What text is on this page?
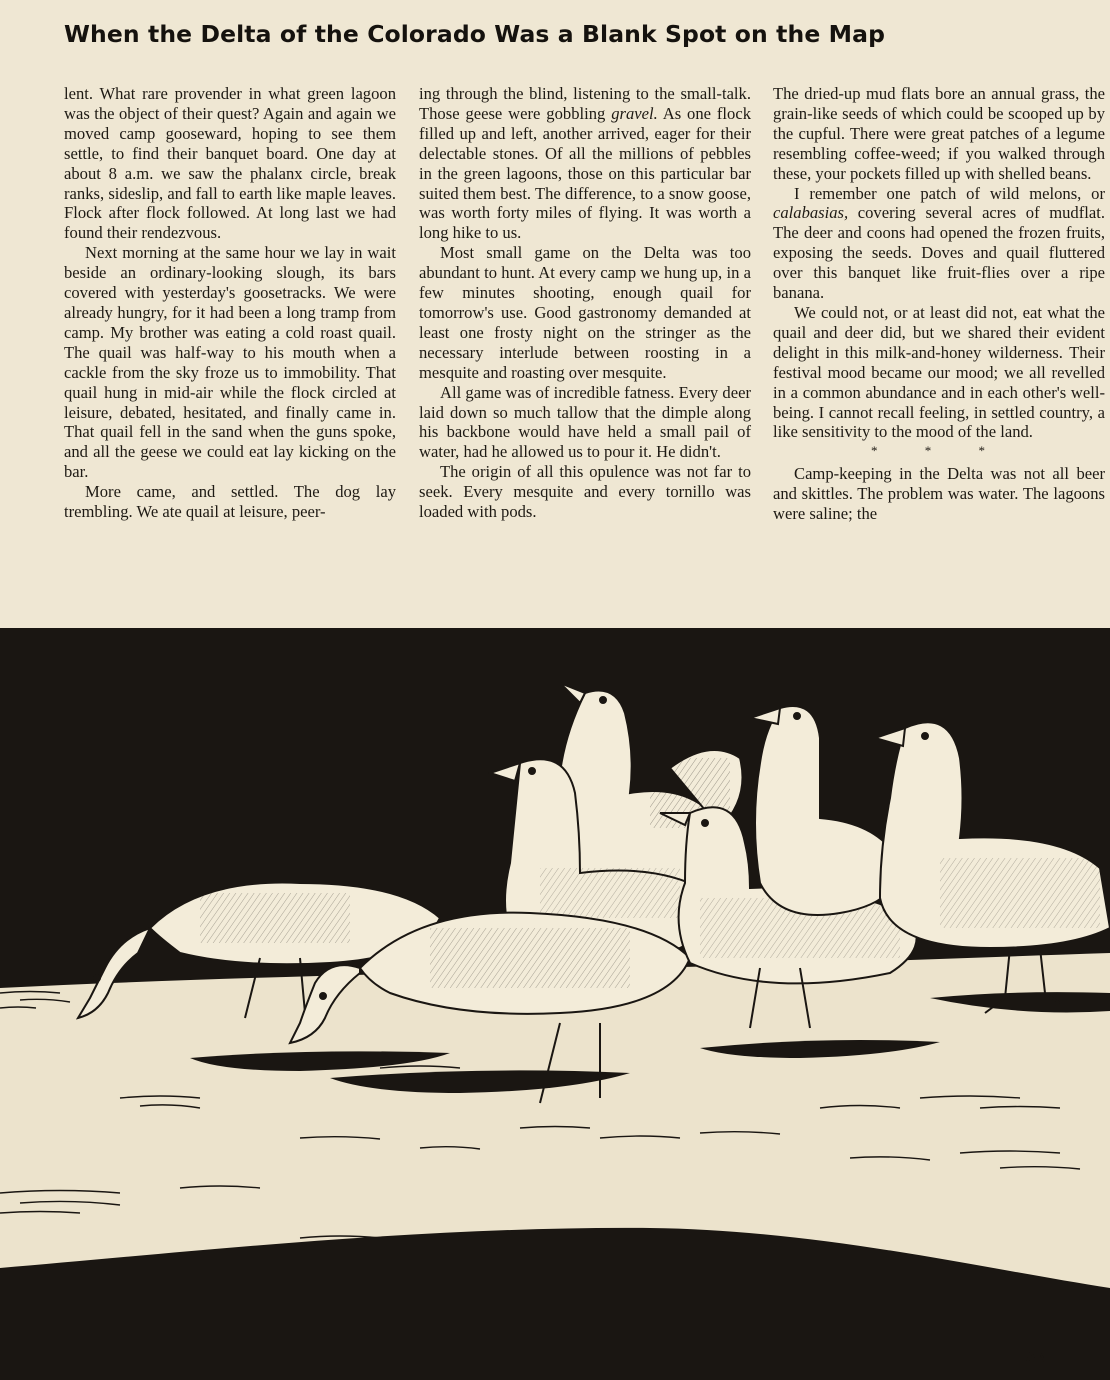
When the Delta of the Colorado Was a Blank Spot on the Map

lent. What rare provender in what green lagoon was the object of their quest? Again and again we moved camp gooseward, hoping to see them settle, to find their banquet board. One day at about 8 a.m. we saw the phalanx circle, break ranks, sideslip, and fall to earth like maple leaves. Flock after flock followed. At long last we had found their rendezvous.

Next morning at the same hour we lay in wait beside an ordinary-looking slough, its bars covered with yesterday's goosetracks. We were already hungry, for it had been a long tramp from camp. My brother was eating a cold roast quail. The quail was half-way to his mouth when a cackle from the sky froze us to immobility. That quail hung in mid-air while the flock circled at leisure, debated, hesitated, and finally came in. That quail fell in the sand when the guns spoke, and all the geese we could eat lay kicking on the bar.

More came, and settled. The dog lay trembling. We ate quail at leisure, peer-

ing through the blind, listening to the small-talk. Those geese were gobbling gravel. As one flock filled up and left, another arrived, eager for their delectable stones. Of all the millions of pebbles in the green lagoons, those on this particular bar suited them best. The difference, to a snow goose, was worth forty miles of flying. It was worth a long hike to us.

Most small game on the Delta was too abundant to hunt. At every camp we hung up, in a few minutes shooting, enough quail for tomorrow's use. Good gastronomy demanded at least one frosty night on the stringer as the necessary interlude between roosting in a mesquite and roasting over mesquite.

All game was of incredible fatness. Every deer laid down so much tallow that the dimple along his backbone would have held a small pail of water, had he allowed us to pour it. He didn't.

The origin of all this opulence was not far to seek. Every mesquite and every tornillo was loaded with pods.

The dried-up mud flats bore an annual grass, the grain-like seeds of which could be scooped up by the cupful. There were great patches of a legume resembling coffee-weed; if you walked through these, your pockets filled up with shelled beans.

I remember one patch of wild melons, or calabasias, covering several acres of mudflat. The deer and coons had opened the frozen fruits, exposing the seeds. Doves and quail fluttered over this banquet like fruit-flies over a ripe banana.

We could not, or at least did not, eat what the quail and deer did, but we shared their evident delight in this milk-and-honey wilderness. Their festival mood became our mood; we all revelled in a common abundance and in each other's well-being. I cannot recall feeling, in settled country, a like sensitivity to the mood of the land.

* * *

Camp-keeping in the Delta was not all beer and skittles. The problem was water. The lagoons were saline; the

HAN
